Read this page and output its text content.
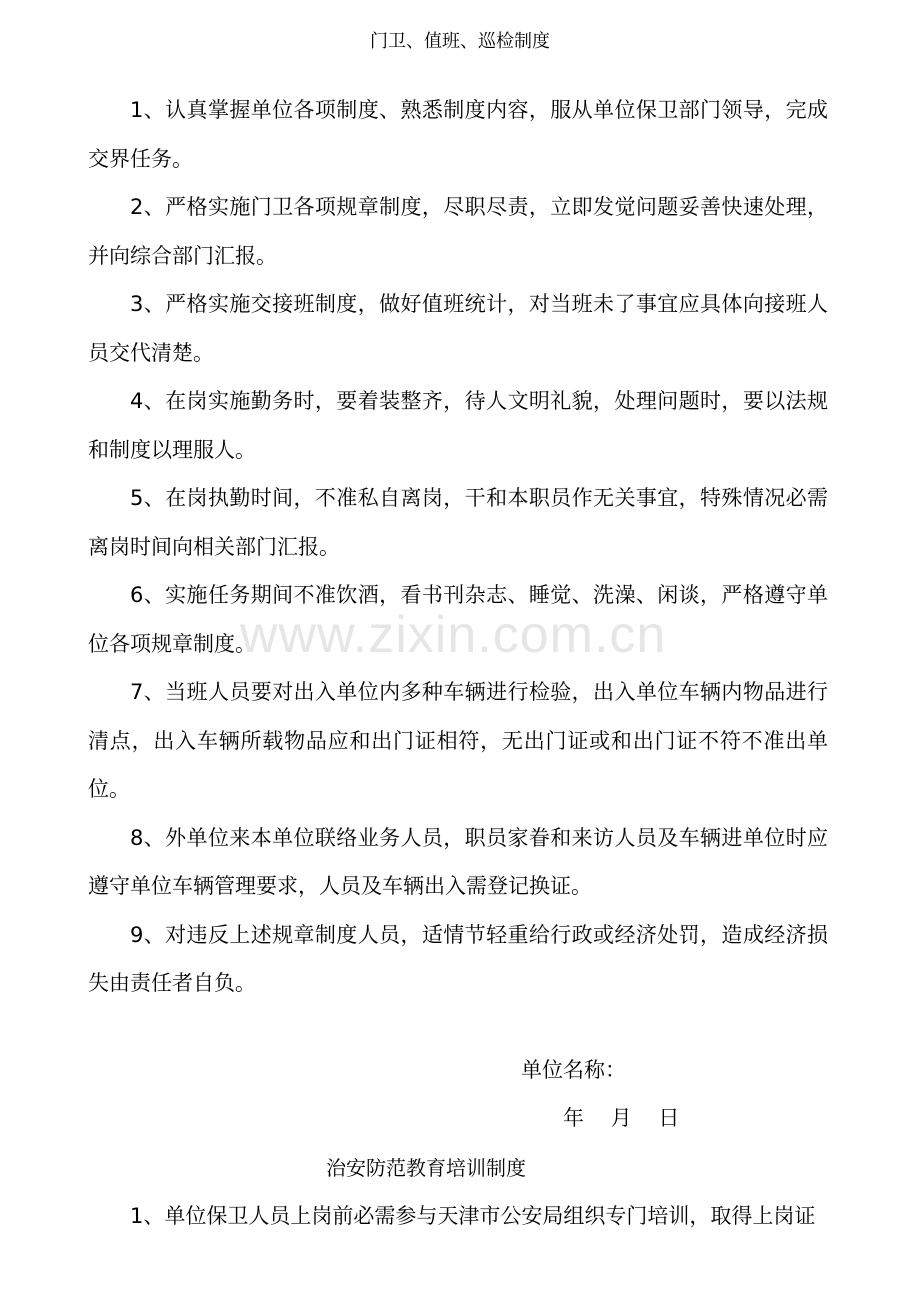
门卫、值班、巡检制度

1、认真掌握单位各项制度、熟悉制度内容，服从单位保卫部门领导，完成交界任务。

2、严格实施门卫各项规章制度，尽职尽责，立即发觉问题妥善快速处理，并向综合部门汇报。

3、严格实施交接班制度，做好值班统计，对当班未了事宜应具体向接班人员交代清楚。

4、在岗实施勤务时，要着装整齐，待人文明礼貌，处理问题时，要以法规和制度以理服人。

5、在岗执勤时间，不准私自离岗，干和本职员作无关事宜，特殊情况必需离岗时间向相关部门汇报。

6、实施任务期间不准饮酒，看书刊杂志、睡觉、洗澡、闲谈，严格遵守单位各项规章制度。

7、当班人员要对出入单位内多种车辆进行检验，出入单位车辆内物品进行清点，出入车辆所载物品应和出门证相符，无出门证或和出门证不符不准出单位。

8、外单位来本单位联络业务人员，职员家眷和来访人员及车辆进单位时应遵守单位车辆管理要求，人员及车辆出入需登记换证。

9、对违反上述规章制度人员，适情节轻重给行政或经济处罚，造成经济损失由责任者自负。

单位名称：
年    月    日
治安防范教育培训制度

1、单位保卫人员上岗前必需参与天津市公安局组织专门培训，取得上岗证

www.zixin.com.cn
